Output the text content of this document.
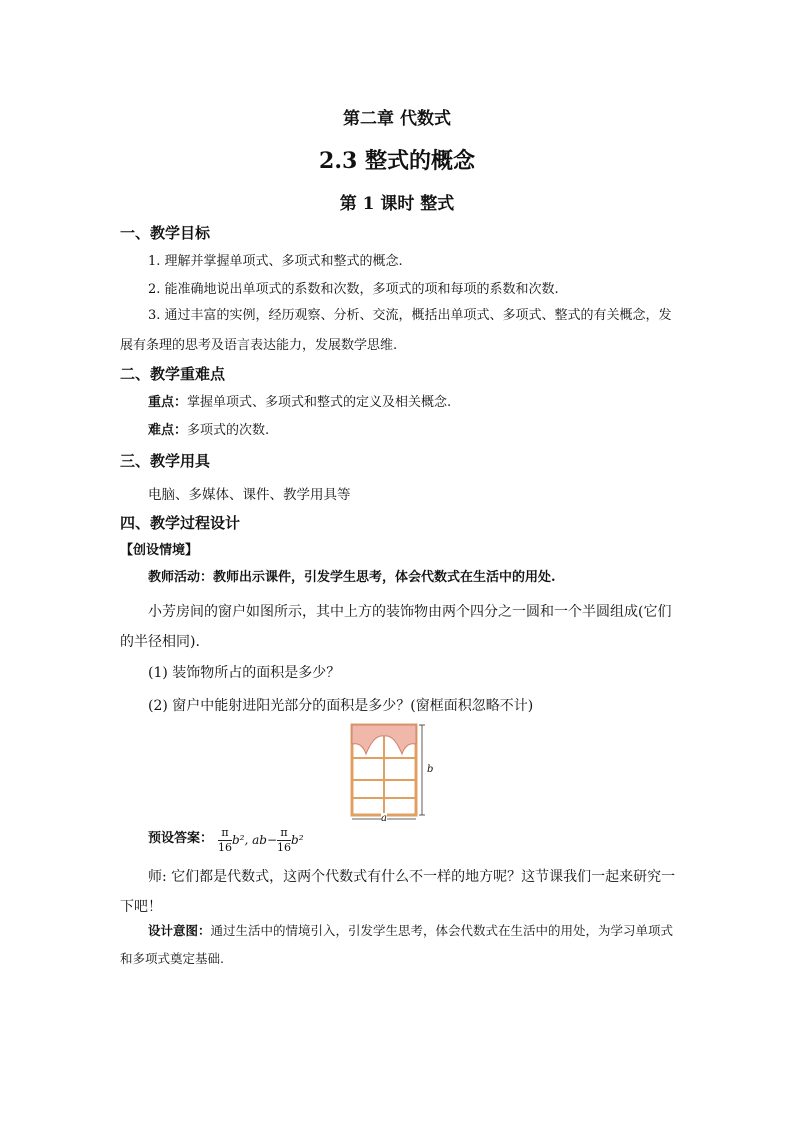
第二章 代数式
2.3 整式的概念
第 1 课时 整式
一、教学目标
1. 理解并掌握单项式、多项式和整式的概念.
2. 能准确地说出单项式的系数和次数，多项式的项和每项的系数和次数.
3. 通过丰富的实例，经历观察、分析、交流，概括出单项式、多项式、整式的有关概念，发展有条理的思考及语言表达能力，发展数学思维.
二、教学重难点
重点：掌握单项式、多项式和整式的定义及相关概念.
难点：多项式的次数.
三、教学用具
电脑、多媒体、课件、教学用具等
四、教学过程设计
【创设情境】
教师活动：教师出示课件，引发学生思考，体会代数式在生活中的用处.
小芳房间的窗户如图所示，其中上方的装饰物由两个四分之一圆和一个半圆组成(它们的半径相同).
(1) 装饰物所占的面积是多少？
(2) 窗户中能射进阳光部分的面积是多少？(窗框面积忽略不计)
b
a
预设答案： $\frac{\pi}{16} b^2$, $ab- \frac{\pi}{16} b^2$
师: 它们都是代数式，这两个代数式有什么不一样的地方呢？这节课我们一起来研究一下吧！
设计意图：通过生活中的情境引入，引发学生思考，体会代数式在生活中的用处，为学习单项式和多项式奠定基础.
